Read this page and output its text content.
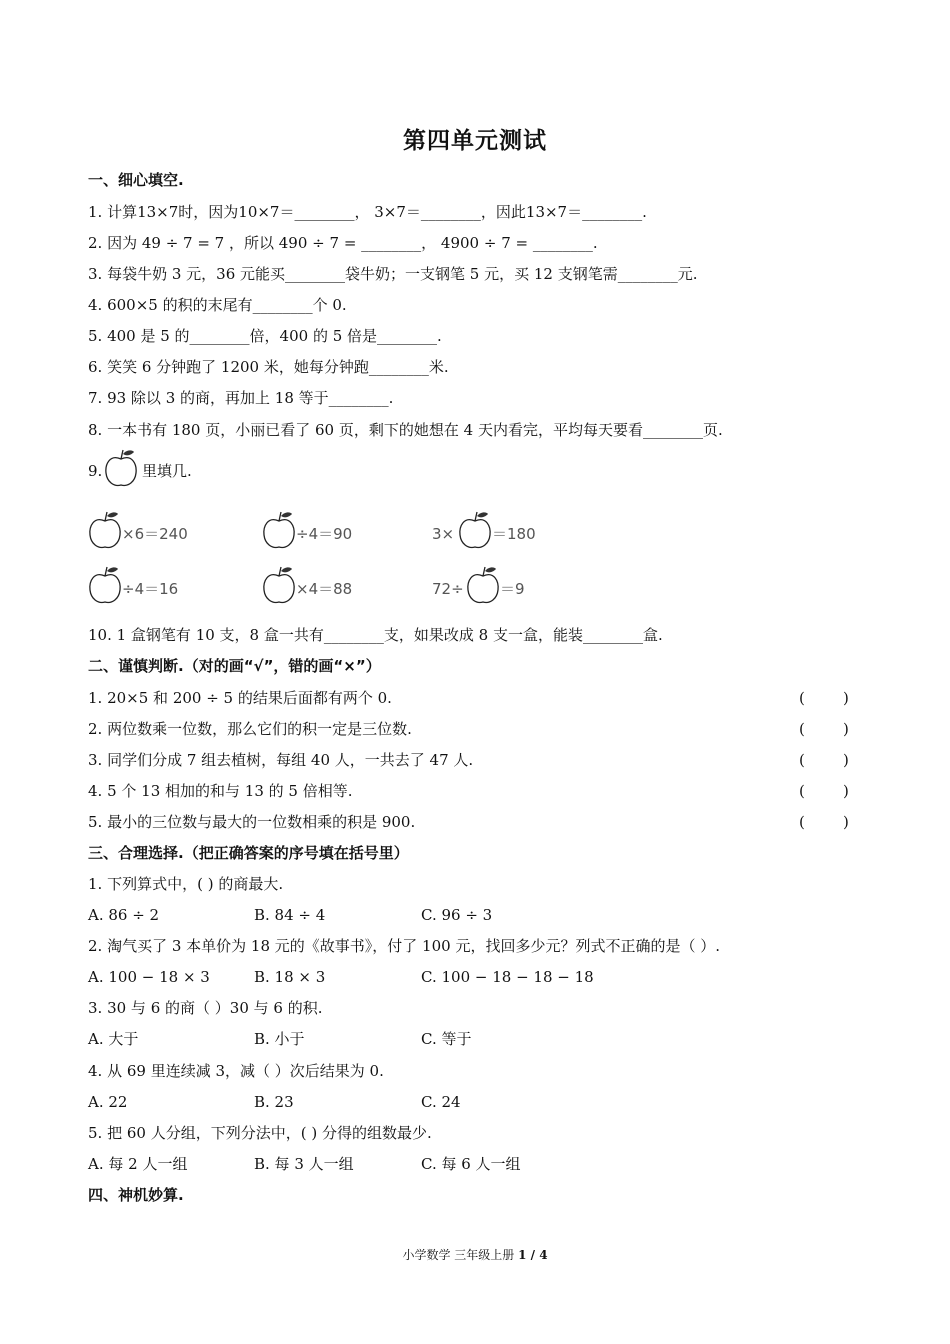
第四单元测试
一、细心填空.
1. 计算13×7时，因为10×7＝________， 3×7＝________，因此13×7＝________.
2. 因为 49 ÷ 7 = 7 ，所以 490 ÷ 7 = ________， 4900 ÷ 7 = ________.
3. 每袋牛奶 3 元，36 元能买________袋牛奶；一支钢笔 5 元，买 12 支钢笔需________元.
4. 600×5 的积的末尾有________个 0.
5. 400 是 5 的________倍，400 的 5 倍是________.
6. 笑笑 6 分钟跑了 1200 米，她每分钟跑________米.
7. 93 除以 3 的商，再加上 18 等于________.
8. 一本书有 180 页，小丽已看了 60 页，剩下的她想在 4 天内看完，平均每天要看________页.
9.	里填几.
×6＝240	÷4＝90	3×	＝180
÷4＝16	×4＝88	72÷ ＝9
10. 1 盒钢笔有 10 支，8 盒一共有________支，如果改成 8 支一盒，能装________盒.
二、谨慎判断.（对的画“√”，错的画“×”）
1. 20×5 和 200 ÷ 5 的结果后面都有两个 0.	(        )
2. 两位数乘一位数，那么它们的积一定是三位数.	(        )
3. 同学们分成 7 组去植树，每组 40 人，一共去了 47 人.	(        )
4. 5 个 13 相加的和与 13 的 5 倍相等.	(        )
5. 最小的三位数与最大的一位数相乘的积是 900.	(        )
三、合理选择.（把正确答案的序号填在括号里）
1. 下列算式中，( ) 的商最大.
A. 86 ÷ 2	B. 84 ÷ 4	C. 96 ÷ 3
2. 淘气买了 3 本单价为 18 元的《故事书》，付了 100 元，找回多少元？列式不正确的是（ ）.
A. 100 − 18 × 3	B. 18 × 3	C. 100 − 18 − 18 − 18
3. 30 与 6 的商（ ）30 与 6 的积.
A. 大于	B. 小于	C. 等于
4. 从 69 里连续减 3，减（ ）次后结果为 0.
A. 22	B. 23	C. 24
5. 把 60 人分组，下列分法中，( ) 分得的组数最少.
A. 每 2 人一组	B. 每 3 人一组	C. 每 6 人一组
四、神机妙算.
小学数学 三年级上册 1 / 4
